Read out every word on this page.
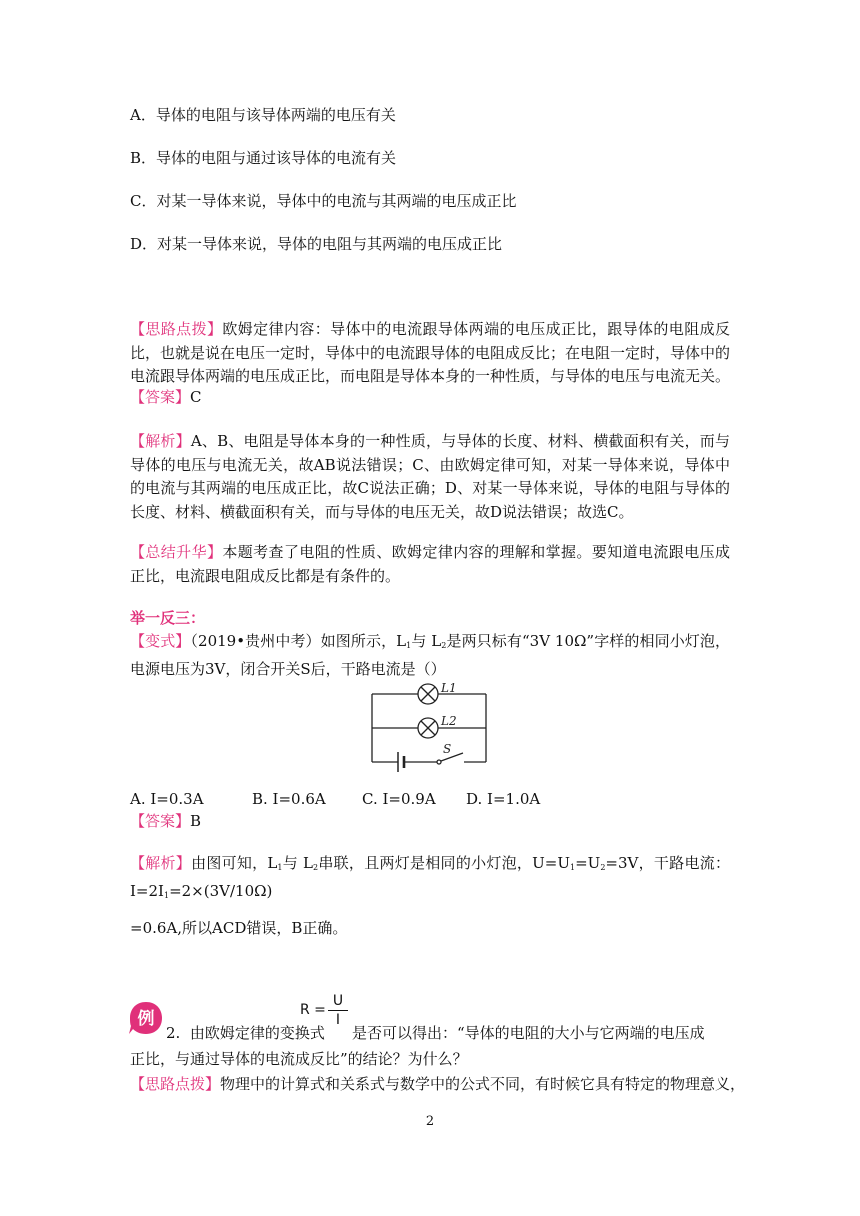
A．导体的电阻与该导体两端的电压有关
B．导体的电阻与通过该导体的电流有关
C．对某一导体来说，导体中的电流与其两端的电压成正比
D．对某一导体来说，导体的电阻与其两端的电压成正比
【思路点拨】欧姆定律内容：导体中的电流跟导体两端的电压成正比，跟导体的电阻成反比，也就是说在电压一定时，导体中的电流跟导体的电阻成反比；在电阻一定时，导体中的电流跟导体两端的电压成正比，而电阻是导体本身的一种性质，与导体的电压与电流无关。
【答案】C
【解析】A、B、电阻是导体本身的一种性质，与导体的长度、材料、横截面积有关，而与导体的电压与电流无关，故AB说法错误；C、由欧姆定律可知，对某一导体来说，导体中的电流与其两端的电压成正比，故C说法正确；D、对某一导体来说，导体的电阻与导体的长度、材料、横截面积有关，而与导体的电压无关，故D说法错误；故选C。
【总结升华】本题考查了电阻的性质、欧姆定律内容的理解和掌握。要知道电流跟电压成正比，电流跟电阻成反比都是有条件的。
举一反三：
【变式】（2019•贵州中考）如图所示，$L_1$与 $L_2$是两只标有“3V 10Ω”字样的相同小灯泡，电源电压为3V，闭合开关S后，干路电流是（）
L1
L2
S
A. I=0.3A	B. I=0.6A C. I=0.9A D. I=1.0A
【答案】B
【解析】由图可知，$L_1$与 $L_2$串联，且两灯是相同的小灯泡，$U=U_1=U_2=3V$，干路电流：$I=2I_1=2\times(3V/10\Omega)$
=0.6A,所以ACD错误，B正确。
例
2. 由欧姆定律的变换式
$R = \frac{U}{I}$
是否可以得出：“导体的电阻的大小与它两端的电压成
正比，与通过导体的电流成反比”的结论？为什么？
【思路点拨】物理中的计算式和关系式与数学中的公式不同，有时候它具有特定的物理意义，
2
